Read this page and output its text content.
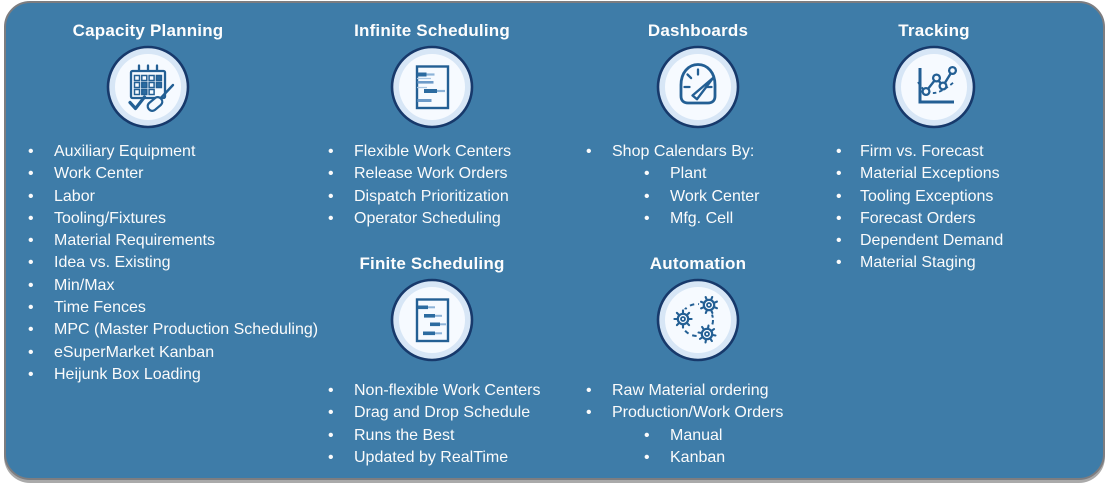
Capacity Planning
• Auxiliary Equipment
• Work Center
• Labor
• Tooling/Fixtures
• Material Requirements
• Idea vs. Existing
• Min/Max
• Time Fences
• MPC (Master Production Scheduling)
• eSuperMarket Kanban
• Heijunk Box Loading
Infinite Scheduling
• Flexible Work Centers
• Release Work Orders
• Dispatch Prioritization
• Operator Scheduling
Finite Scheduling
• Non-flexible Work Centers
• Drag and Drop Schedule
• Runs the Best
• Updated by RealTime
Dashboards
• Shop Calendars By:
• Plant
• Work Center
• Mfg. Cell
Automation
• Raw Material ordering
• Production/Work Orders
• Manual
• Kanban
Tracking
• Firm vs. Forecast
• Material Exceptions
• Tooling Exceptions
• Forecast Orders
• Dependent Demand
• Material Staging
